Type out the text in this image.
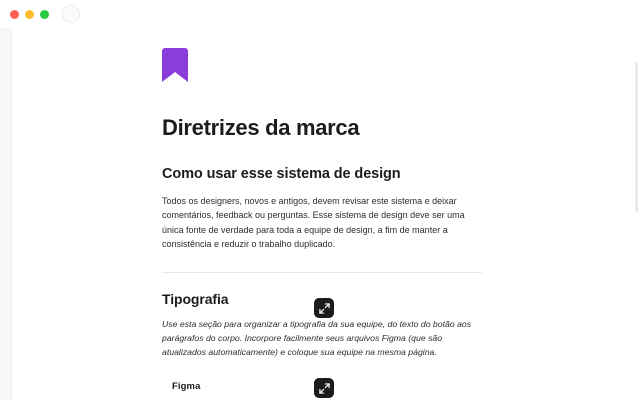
Diretrizes da marca
Como usar esse sistema de design

Todos os designers, novos e antigos, devem revisar este sistema e deixar comentários, feedback ou perguntas. Esse sistema de design deve ser uma única fonte de verdade para toda a equipe de design, a fim de manter a consistência e reduzir o trabalho duplicado.

Tipografia

Use esta seção para organizar a tipografia da sua equipe, do texto do botão aos parágrafos do corpo. Incorpore facilmente seus arquivos Figma (que são atualizados automaticamente) e coloque sua equipe na mesma página.

Figma
